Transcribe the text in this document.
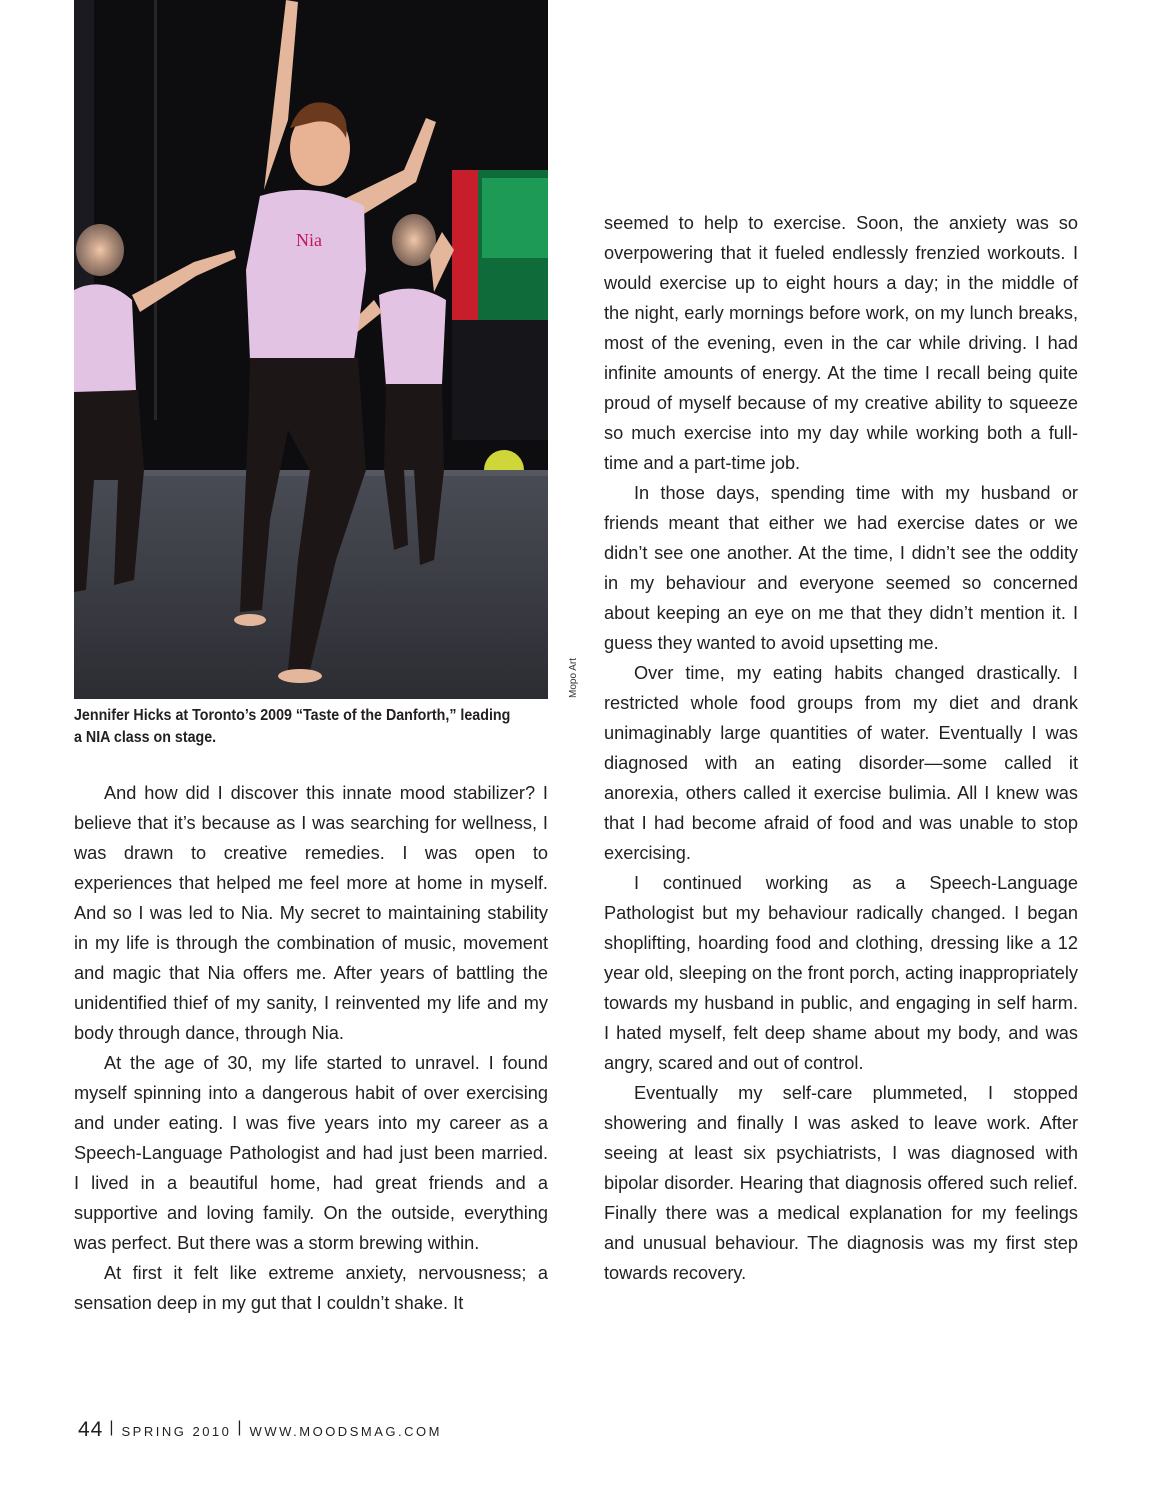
Nia
Mopo Art
Jennifer Hicks at Toronto’s 2009 “Taste of the Danforth,” leading a NIA class on stage.

And how did I discover this innate mood stabilizer? I believe that it’s because as I was searching for wellness, I was drawn to creative remedies. I was open to experiences that helped me feel more at home in myself. And so I was led to Nia. My secret to maintaining stability in my life is through the combination of music, movement and magic that Nia offers me. After years of battling the unidentified thief of my sanity, I reinvented my life and my body through dance, through Nia.

At the age of 30, my life started to unravel. I found myself spinning into a dangerous habit of over exercising and under eating. I was five years into my career as a Speech-Language Pathologist and had just been married. I lived in a beautiful home, had great friends and a supportive and loving family. On the outside, everything was perfect. But there was a storm brewing within.

At first it felt like extreme anxiety, nervousness; a sensation deep in my gut that I couldn’t shake. It

seemed to help to exercise. Soon, the anxiety was so overpowering that it fueled endlessly frenzied workouts. I would exercise up to eight hours a day; in the middle of the night, early mornings before work, on my lunch breaks, most of the evening, even in the car while driving. I had infinite amounts of energy. At the time I recall being quite proud of myself because of my creative ability to squeeze so much exercise into my day while working both a full-time and a part-time job.

In those days, spending time with my husband or friends meant that either we had exercise dates or we didn’t see one another. At the time, I didn’t see the oddity in my behaviour and everyone seemed so concerned about keeping an eye on me that they didn’t mention it. I guess they wanted to avoid upsetting me.

Over time, my eating habits changed drastically. I restricted whole food groups from my diet and drank unimaginably large quantities of water. Eventually I was diagnosed with an eating disorder—some called it anorexia, others called it exercise bulimia. All I knew was that I had become afraid of food and was unable to stop exercising.

I continued working as a Speech-Language Pathologist but my behaviour radically changed. I began shoplifting, hoarding food and clothing, dressing like a 12 year old, sleeping on the front porch, acting inappropriately towards my husband in public, and engaging in self harm. I hated myself, felt deep shame about my body, and was angry, scared and out of control.

Eventually my self-care plummeted, I stopped showering and finally I was asked to leave work. After seeing at least six psychiatrists, I was diagnosed with bipolar disorder. Hearing that diagnosis offered such relief. Finally there was a medical explanation for my feelings and unusual behaviour. The diagnosis was my first step towards recovery.

44 | SPRING 2010 | WWW.MOODSMAG.COM
